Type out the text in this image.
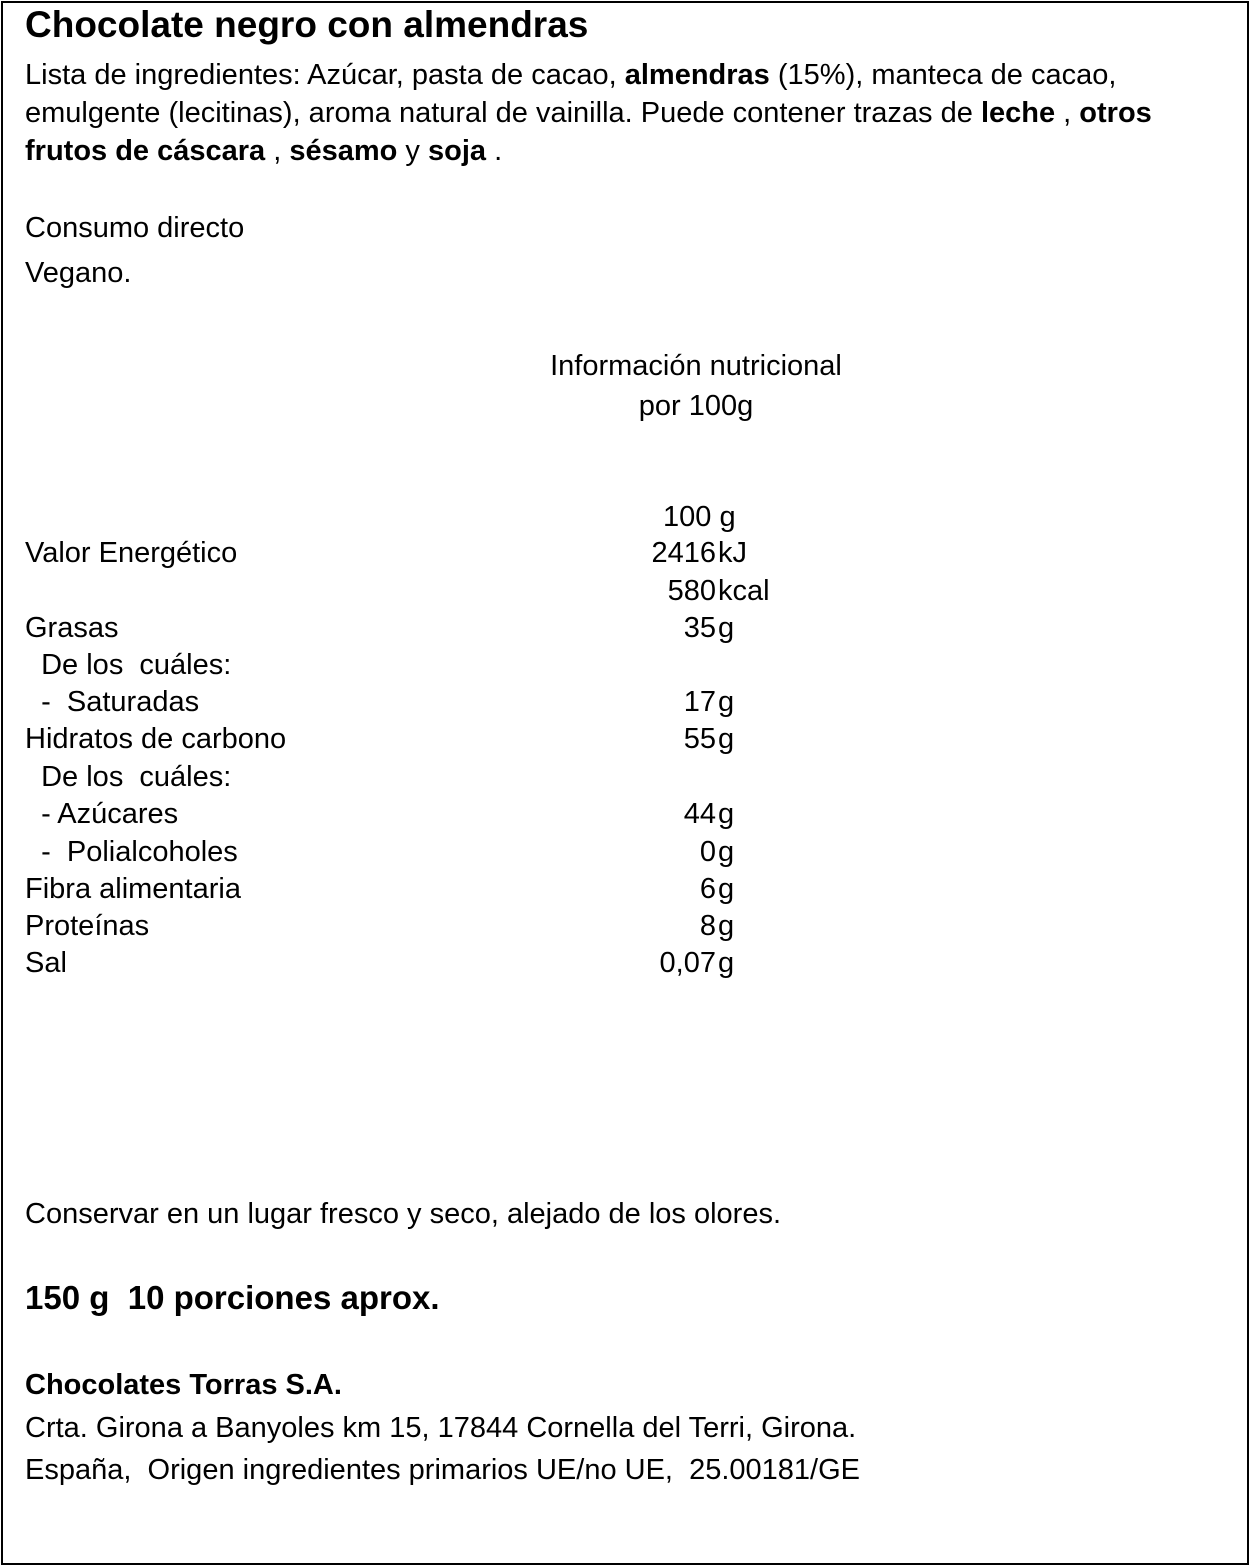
Chocolate negro con almendras
Lista de ingredientes: Azúcar, pasta de cacao, almendras (15%), manteca de cacao, emulgente (lecitinas), aroma natural de vainilla. Puede contener trazas de leche , otros frutos de cáscara , sésamo y soja .
Consumo directo
Vegano.
Información nutricional
por 100g
100 g
Valor Energético	2416 kJ
580 kcal
Grasas	35 g
De los  cuáles:
-  Saturadas	17 g
Hidratos de carbono	55 g
De los  cuáles:
- Azúcares	44 g
-  Polialcoholes	0 g
Fibra alimentaria	6 g
Proteínas	8 g
Sal	0,07 g
Conservar en un lugar fresco y seco, alejado de los olores.
150 g  10 porciones aprox.
Chocolates Torras S.A.
Crta. Girona a Banyoles km 15, 17844 Cornella del Terri, Girona.
España,  Origen ingredientes primarios UE/no UE,  25.00181/GE
